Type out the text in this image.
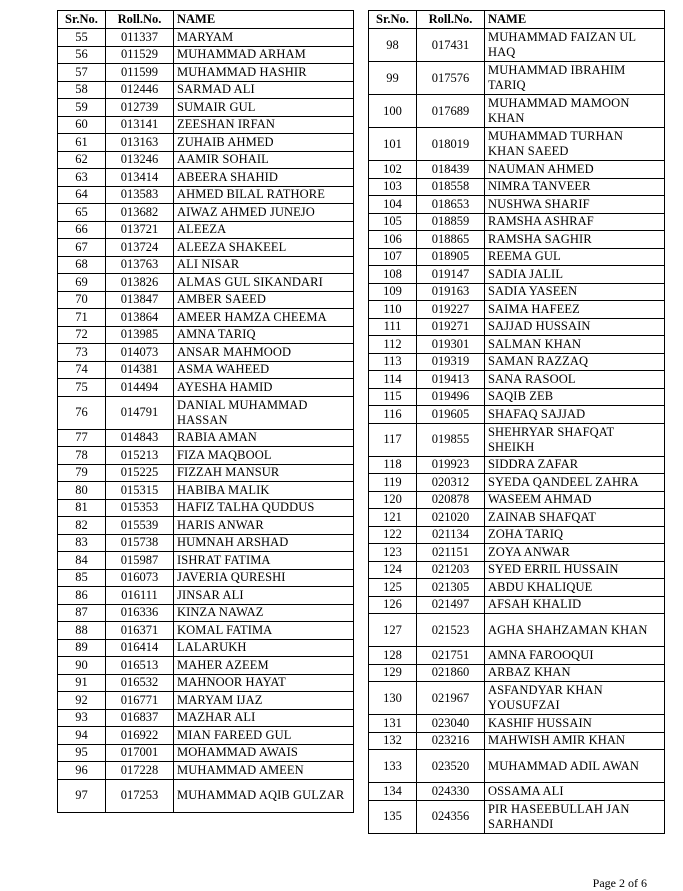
Sr.No.	Roll.No.	NAME
55	011337	MARYAM
56	011529	MUHAMMAD ARHAM
57	011599	MUHAMMAD HASHIR
58	012446	SARMAD ALI
59	012739	SUMAIR GUL
60	013141	ZEESHAN IRFAN
61	013163	ZUHAIB AHMED
62	013246	AAMIR SOHAIL
63	013414	ABEERA SHAHID
64	013583	AHMED BILAL RATHORE
65	013682	AIWAZ AHMED JUNEJO
66	013721	ALEEZA
67	013724	ALEEZA SHAKEEL
68	013763	ALI NISAR
69	013826	ALMAS GUL SIKANDARI
70	013847	AMBER SAEED
71	013864	AMEER HAMZA CHEEMA
72	013985	AMNA TARIQ
73	014073	ANSAR MAHMOOD
74	014381	ASMA WAHEED
75	014494	AYESHA HAMID
76	014791	DANIAL MUHAMMAD HASSAN
77	014843	RABIA AMAN
78	015213	FIZA MAQBOOL
79	015225	FIZZAH MANSUR
80	015315	HABIBA MALIK
81	015353	HAFIZ TALHA QUDDUS
82	015539	HARIS ANWAR
83	015738	HUMNAH ARSHAD
84	015987	ISHRAT FATIMA
85	016073	JAVERIA QURESHI
86	016111	JINSAR ALI
87	016336	KINZA NAWAZ
88	016371	KOMAL FATIMA
89	016414	LALARUKH
90	016513	MAHER AZEEM
91	016532	MAHNOOR HAYAT
92	016771	MARYAM IJAZ
93	016837	MAZHAR ALI
94	016922	MIAN FAREED GUL
95	017001	MOHAMMAD AWAIS
96	017228	MUHAMMAD AMEEN
97	017253	MUHAMMAD AQIB GULZAR
Sr.No.	Roll.No.	NAME
98	017431	MUHAMMAD FAIZAN UL HAQ
99	017576	MUHAMMAD IBRAHIM TARIQ
100	017689	MUHAMMAD MAMOON KHAN
101	018019	MUHAMMAD TURHAN KHAN SAEED
102	018439	NAUMAN AHMED
103	018558	NIMRA TANVEER
104	018653	NUSHWA SHARIF
105	018859	RAMSHA ASHRAF
106	018865	RAMSHA SAGHIR
107	018905	REEMA GUL
108	019147	SADIA JALIL
109	019163	SADIA YASEEN
110	019227	SAIMA HAFEEZ
111	019271	SAJJAD HUSSAIN
112	019301	SALMAN KHAN
113	019319	SAMAN RAZZAQ
114	019413	SANA RASOOL
115	019496	SAQIB ZEB
116	019605	SHAFAQ SAJJAD
117	019855	SHEHRYAR SHAFQAT SHEIKH
118	019923	SIDDRA ZAFAR
119	020312	SYEDA QANDEEL ZAHRA
120	020878	WASEEM AHMAD
121	021020	ZAINAB SHAFQAT
122	021134	ZOHA TARIQ
123	021151	ZOYA ANWAR
124	021203	SYED ERRIL HUSSAIN
125	021305	ABDU KHALIQUE
126	021497	AFSAH KHALID
127	021523	AGHA SHAHZAMAN KHAN
128	021751	AMNA FAROOQUI
129	021860	ARBAZ KHAN
130	021967	ASFANDYAR KHAN YOUSUFZAI
131	023040	KASHIF HUSSAIN
132	023216	MAHWISH AMIR KHAN
133	023520	MUHAMMAD ADIL AWAN
134	024330	OSSAMA ALI
135	024356	PIR HASEEBULLAH JAN SARHANDI
Page 2 of 6
